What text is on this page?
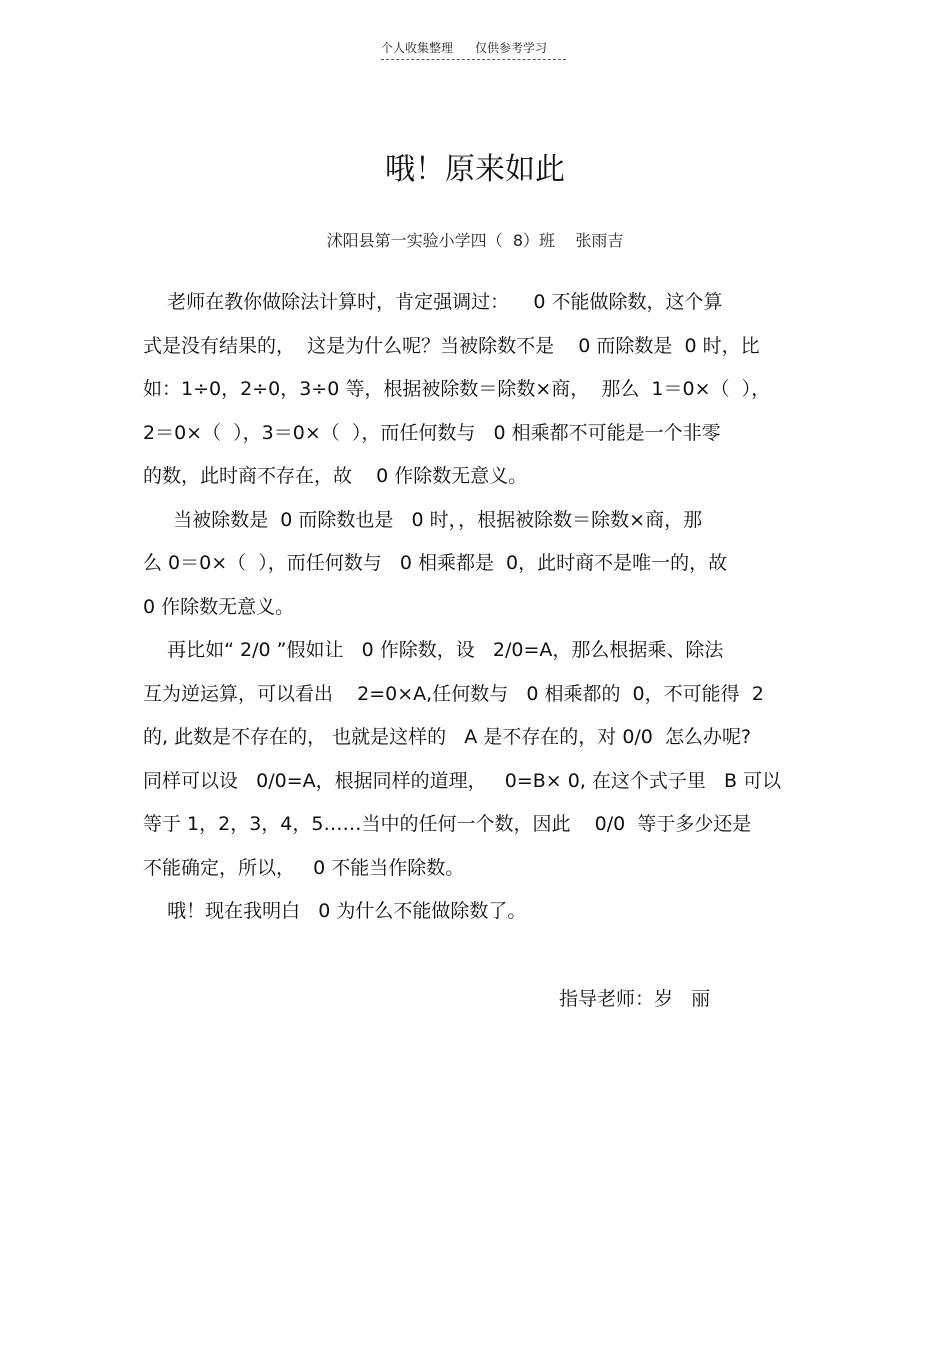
个人收集整理 仅供参考学习
哦！原来如此
沭阳县第一实验小学四（  8）班    张雨吉
老师在教你做除法计算时，肯定强调过：    0 不能做除数，这个算
式是没有结果的，  这是为什么呢？当被除数不是    0 而除数是  0 时，比
如：1÷0，2÷0，3÷0 等，根据被除数＝除数×商，  那么  1＝0×（  ），
2＝0×（  ），3＝0×（  ），而任何数与   0 相乘都不可能是一个非零
的数，此时商不存在，故    0 作除数无意义。
当被除数是  0 而除数也是   0 时，，根据被除数＝除数×商，那
么 0＝0×（  ），而任何数与   0 相乘都是  0，此时商不是唯一的，故
0 作除数无意义。
再比如“ 2/0 ”假如让   0 作除数，设   2/0=A，那么根据乘、除法
互为逆运算，可以看出    2=0×A,任何数与   0 相乘都的  0，不可能得  2
的, 此数是不存在的， 也就是这样的   A 是不存在的，对 0/0  怎么办呢?
同样可以设   0/0=A，根据同样的道理，   0=B× 0, 在这个式子里   B 可以
等于 1，2，3，4，5……当中的任何一个数，因此    0/0  等于多少还是
不能确定，所以，   0 不能当作除数。
哦！现在我明白   0 为什么不能做除数了。
指导老师：岁   丽
